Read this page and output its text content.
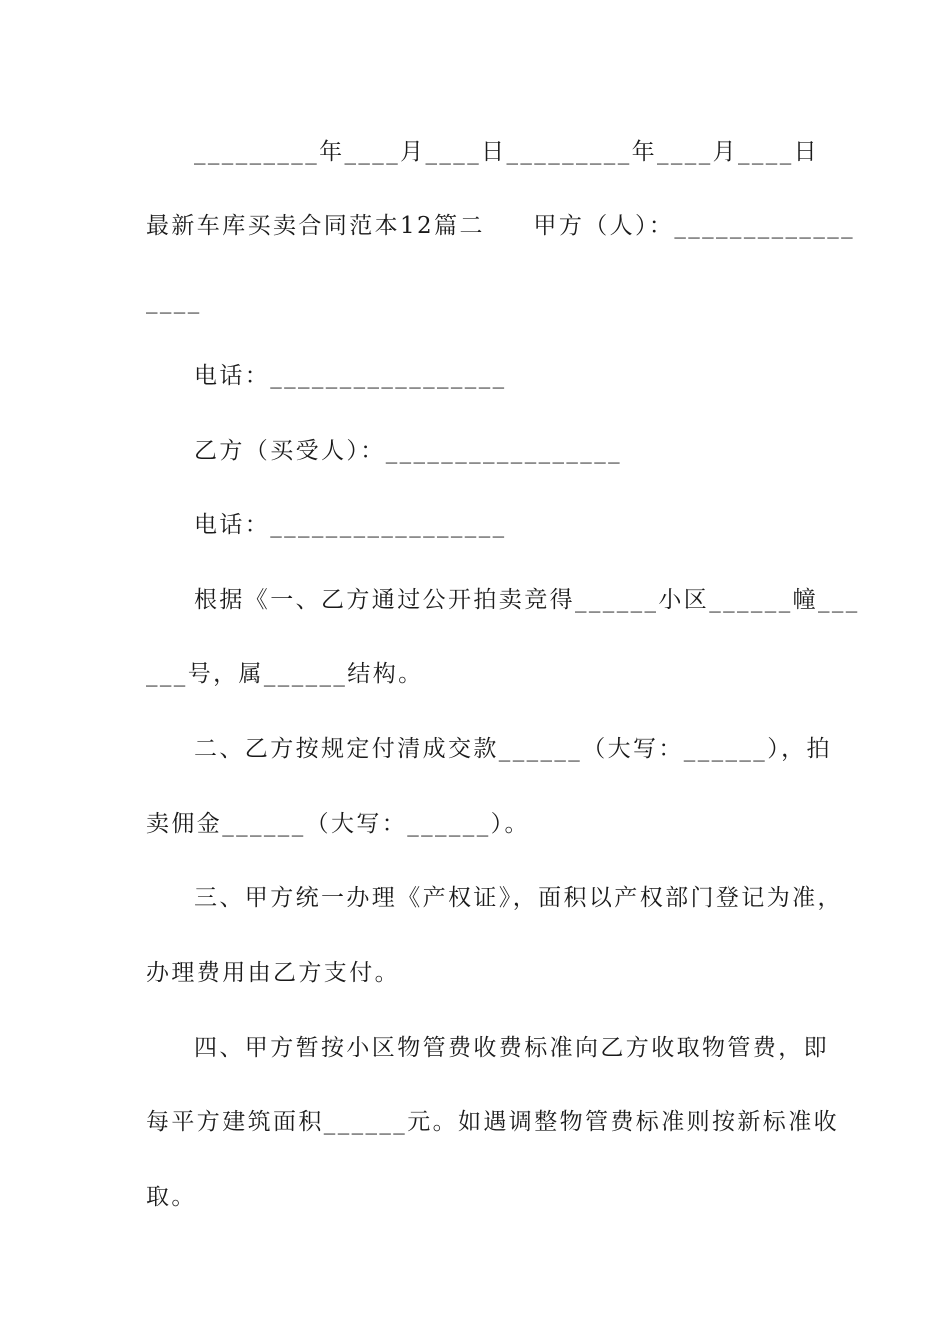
_________年____月____日_________年____月____日
最新车库买卖合同范本12篇二     甲方（人）：_____________
____
电话：_________________
乙方（买受人）：_________________
电话：_________________
根据《一、乙方通过公开拍卖竞得______小区______幢___
___号，属______结构。
二、乙方按规定付清成交款______（大写：______），拍
卖佣金______（大写：______）。
三、甲方统一办理《产权证》，面积以产权部门登记为准，
办理费用由乙方支付。
四、甲方暂按小区物管费收费标准向乙方收取物管费，即
每平方建筑面积______元。如遇调整物管费标准则按新标准收
取。
